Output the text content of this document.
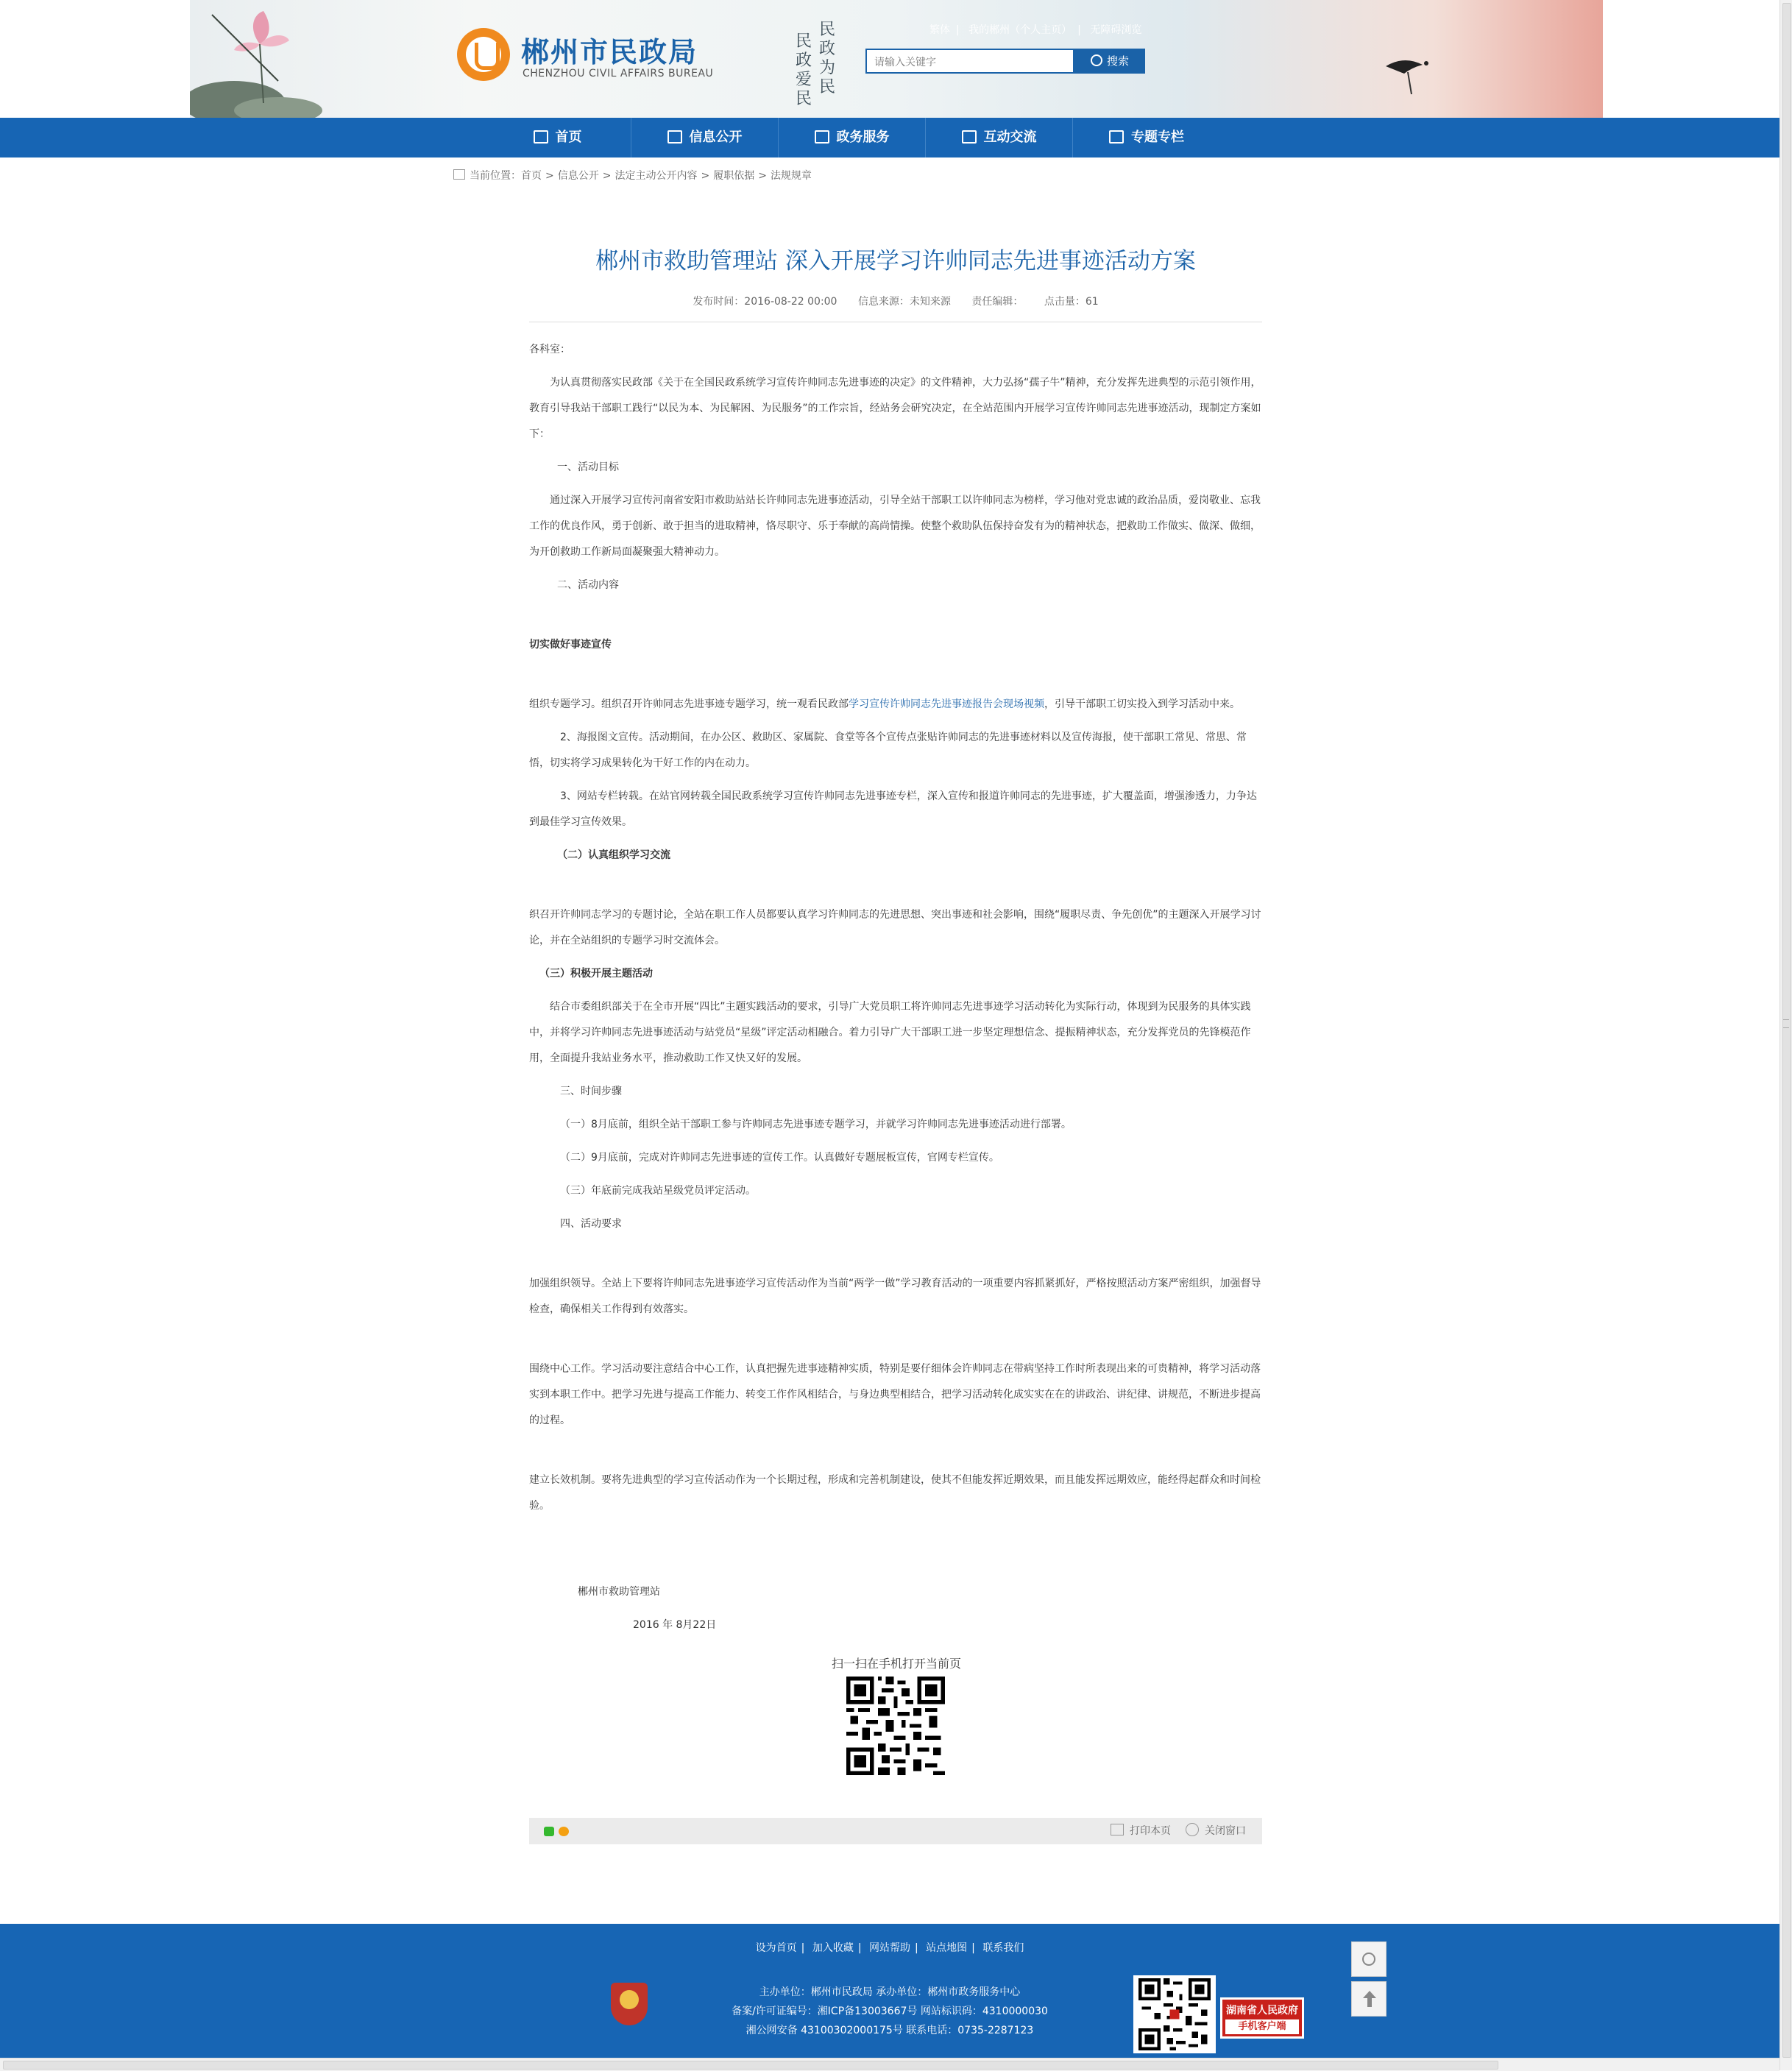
郴州市民政局
CHENZHOU CIVIL AFFAIRS BUREAU
民政为民
民政爱民
繁体 | 我的郴州（个人主页） | 无障碍浏览
请输入关键字
搜索
首页	信息公开	政务服务	互动交流	专题专栏
当前位置：首页 > 信息公开 > 法定主动公开内容 > 履职依据 > 法规规章
郴州市救助管理站 深入开展学习许帅同志先进事迹活动方案
发布时间：2016-08-22 00:00 信息来源：未知来源 责任编辑： 点击量：61

各科室：

为认真贯彻落实民政部《关于在全国民政系统学习宣传许帅同志先进事迹的决定》的文件精神，大力弘扬“孺子牛”精神，充分发挥先进典型的示范引领作用，教育引导我站干部职工践行“以民为本、为民解困、为民服务”的工作宗旨，经站务会研究决定，在全站范围内开展学习宣传许帅同志先进事迹活动，现制定方案如下：

一、活动目标

通过深入开展学习宣传河南省安阳市救助站站长许帅同志先进事迹活动，引导全站干部职工以许帅同志为榜样，学习他对党忠诚的政治品质，爱岗敬业、忘我工作的优良作风，勇于创新、敢于担当的进取精神，恪尽职守、乐于奉献的高尚情操。使整个救助队伍保持奋发有为的精神状态，把救助工作做实、做深、做细，为开创救助工作新局面凝聚强大精神动力。

二、活动内容

切实做好事迹宣传

组织专题学习。组织召开许帅同志先进事迹专题学习，统一观看民政部学习宣传许帅同志先进事迹报告会现场视频，引导干部职工切实投入到学习活动中来。

2、海报图文宣传。活动期间，在办公区、救助区、家属院、食堂等各个宣传点张贴许帅同志的先进事迹材料以及宣传海报，使干部职工常见、常思、常悟，切实将学习成果转化为干好工作的内在动力。

3、网站专栏转载。在站官网转载全国民政系统学习宣传许帅同志先进事迹专栏，深入宣传和报道许帅同志的先进事迹，扩大覆盖面，增强渗透力，力争达到最佳学习宣传效果。

（二）认真组织学习交流

织召开许帅同志学习的专题讨论，全站在职工作人员都要认真学习许帅同志的先进思想、突出事迹和社会影响，围绕“履职尽责、争先创优”的主题深入开展学习讨论，并在全站组织的专题学习时交流体会。

（三）积极开展主题活动

结合市委组织部关于在全市开展“四比”主题实践活动的要求，引导广大党员职工将许帅同志先进事迹学习活动转化为实际行动，体现到为民服务的具体实践中，并将学习许帅同志先进事迹活动与站党员“星级”评定活动相融合。着力引导广大干部职工进一步坚定理想信念、提振精神状态，充分发挥党员的先锋模范作用，全面提升我站业务水平，推动救助工作又快又好的发展。

三、时间步骤

（一）8月底前，组织全站干部职工参与许帅同志先进事迹专题学习，并就学习许帅同志先进事迹活动进行部署。

（二）9月底前，完成对许帅同志先进事迹的宣传工作。认真做好专题展板宣传，官网专栏宣传。

（三）年底前完成我站星级党员评定活动。

四、活动要求

加强组织领导。全站上下要将许帅同志先进事迹学习宣传活动作为当前“两学一做”学习教育活动的一项重要内容抓紧抓好，严格按照活动方案严密组织，加强督导检查，确保相关工作得到有效落实。

围绕中心工作。学习活动要注意结合中心工作，认真把握先进事迹精神实质，特别是要仔细体会许帅同志在带病坚持工作时所表现出来的可贵精神，将学习活动落实到本职工作中。把学习先进与提高工作能力、转变工作作风相结合，与身边典型相结合，把学习活动转化成实实在在的讲政治、讲纪律、讲规范，不断进步提高的过程。

建立长效机制。要将先进典型的学习宣传活动作为一个长期过程，形成和完善机制建设，使其不但能发挥近期效果，而且能发挥远期效应，能经得起群众和时间检验。

郴州市救助管理站

2016 年 8月22日

扫一扫在手机打开当前页
打印本页	关闭窗口
设为首页 | 加入收藏 | 网站帮助 | 站点地图 | 联系我们
主办单位：郴州市民政局 承办单位：郴州市政务服务中心
备案/许可证编号：湘ICP备13003667号 网站标识码：4310000030
湘公网安备 43100302000175号 联系电话：0735-2287123
湖南省人民政府
手机客户端
